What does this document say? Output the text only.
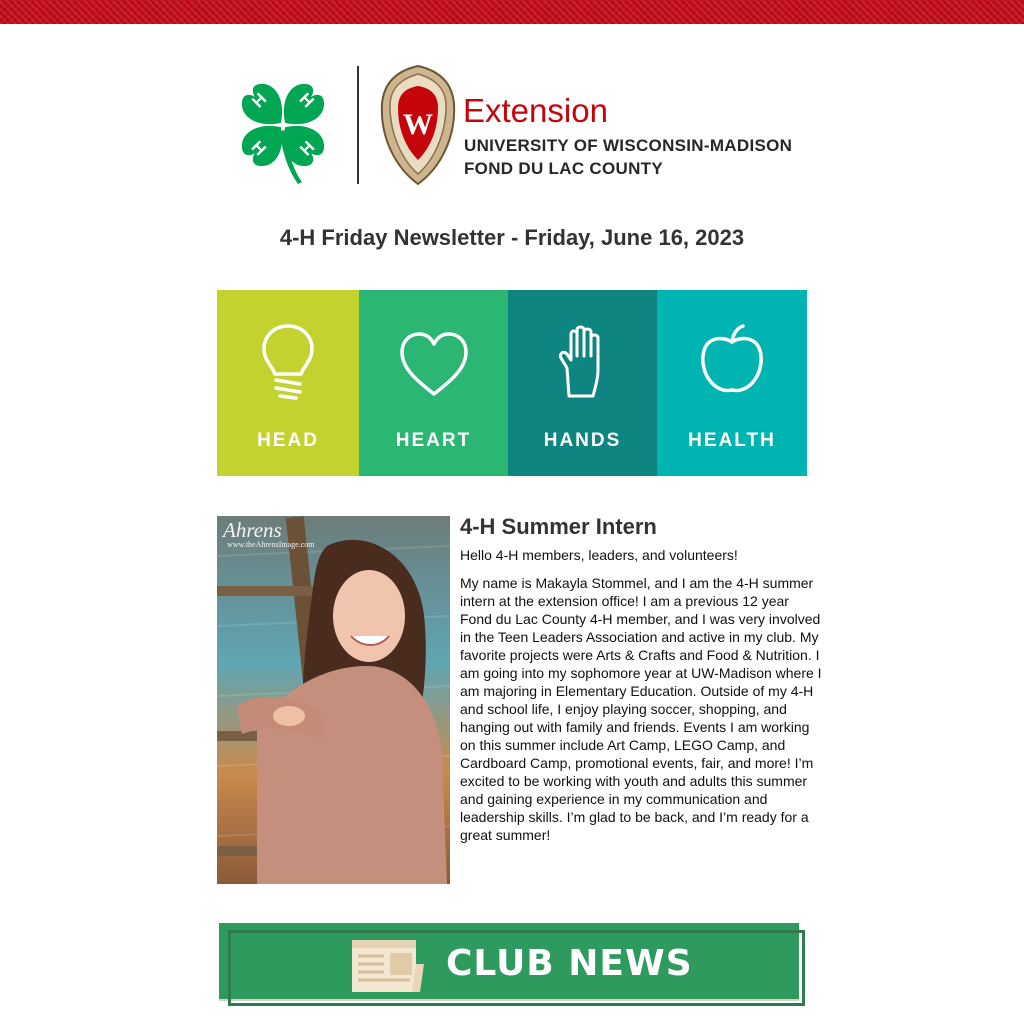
H H
H H
W Extension
UNIVERSITY OF WISCONSIN-MADISON
FOND DU LAC COUNTY
4-H Friday Newsletter - Friday, June 16, 2023
HEAD	HEART	HANDS	HEALTH
Ahrens
www.theAhrensImage.com
4-H Summer Intern
Hello 4-H members, leaders, and volunteers!
My name is Makayla Stommel, and I am the 4-H summer intern at the extension office! I am a previous 12 year Fond du Lac County 4-H member, and I was very involved in the Teen Leaders Association and active in my club. My favorite projects were Arts & Crafts and Food & Nutrition. I am going into my sophomore year at UW-Madison where I am majoring in Elementary Education. Outside of my 4-H and school life, I enjoy playing soccer, shopping, and hanging out with family and friends. Events I am working on this summer include Art Camp, LEGO Camp, and Cardboard Camp, promotional events, fair, and more! I’m excited to be working with youth and adults this summer and gaining experience in my communication and leadership skills. I’m glad to be back, and I’m ready for a great summer!
CLUB NEWS
